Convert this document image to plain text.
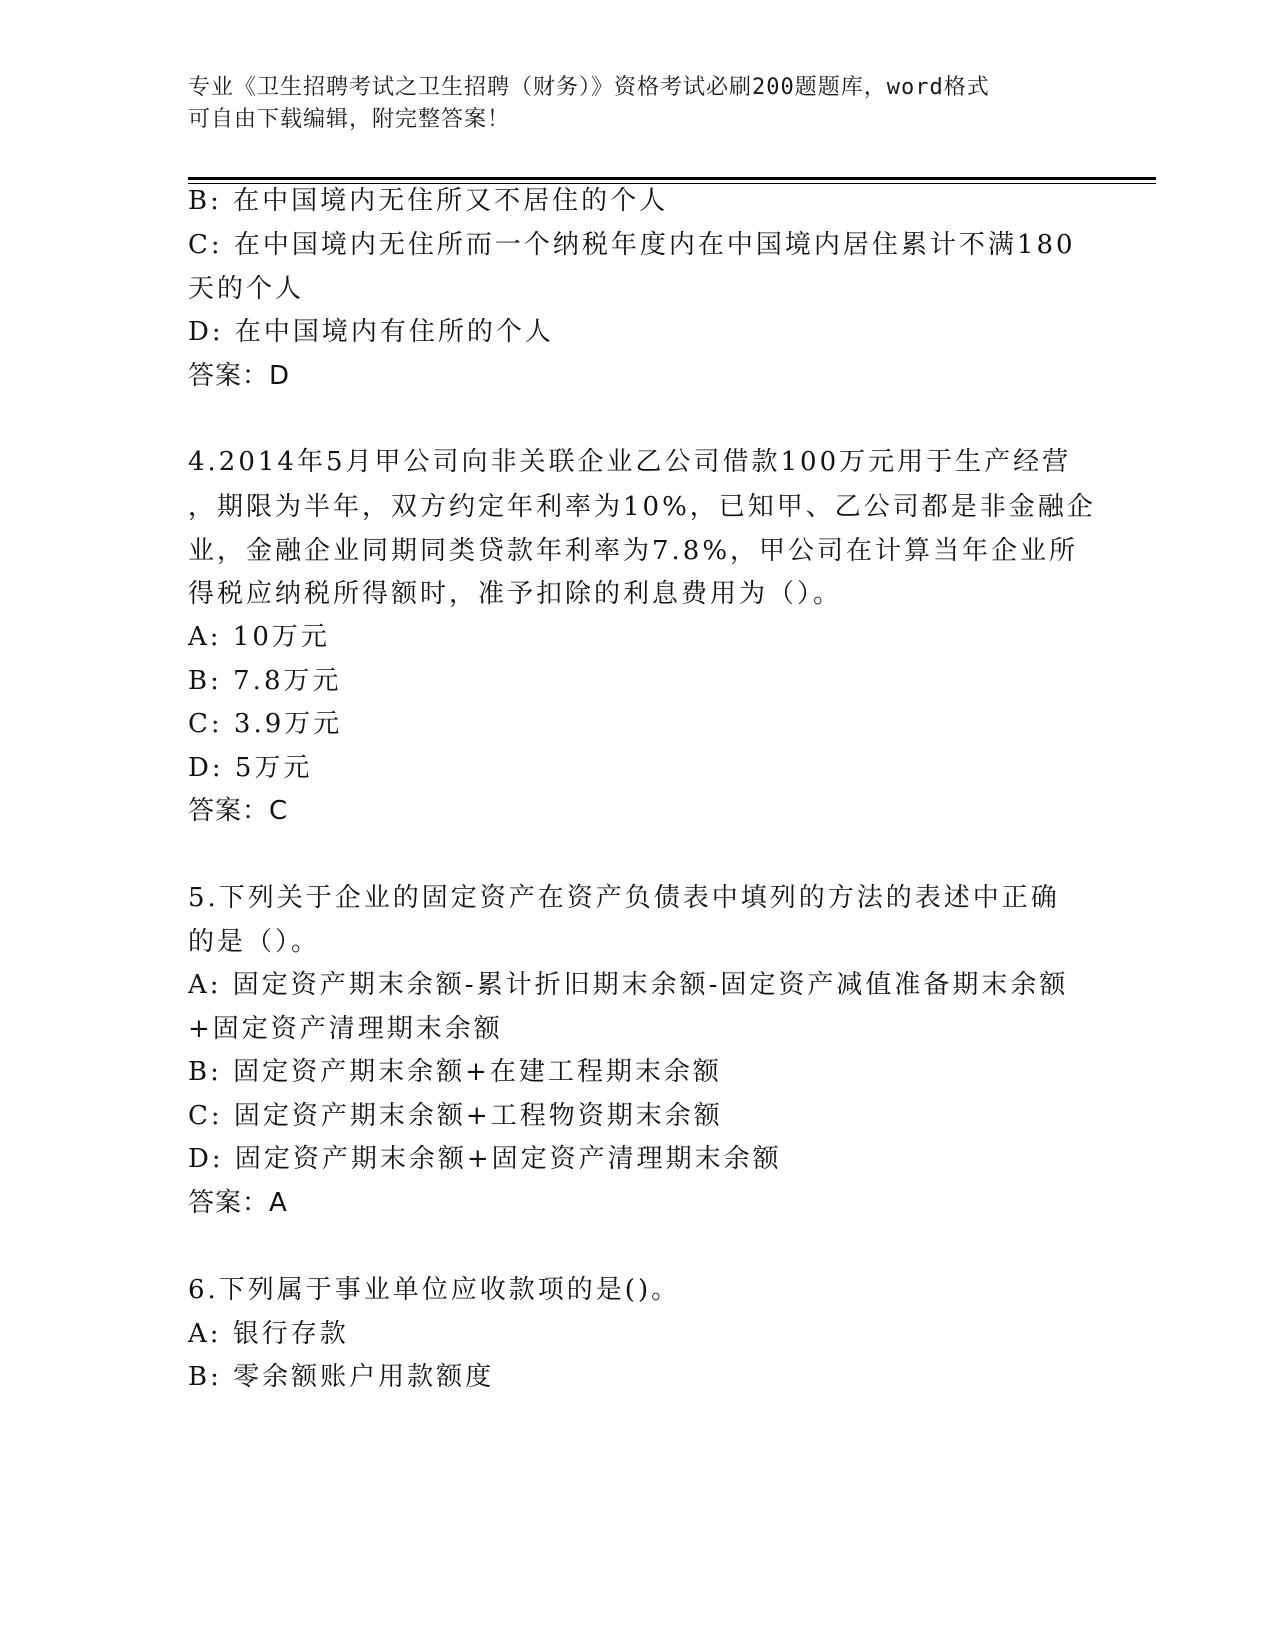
专业《卫生招聘考试之卫生招聘（财务）》资格考试必刷200题题库，word格式
可自由下载编辑，附完整答案！
B: 在中国境内无住所又不居住的个人
C: 在中国境内无住所而一个纳税年度内在中国境内居住累计不满180
天的个人
D: 在中国境内有住所的个人
答案：D
4.2014年5月甲公司向非关联企业乙公司借款100万元用于生产经营
，期限为半年，双方约定年利率为10%，已知甲、乙公司都是非金融企
业，金融企业同期同类贷款年利率为7.8%，甲公司在计算当年企业所
得税应纳税所得额时，准予扣除的利息费用为（）。
A: 10万元
B: 7.8万元
C: 3.9万元
D: 5万元
答案：C
5.下列关于企业的固定资产在资产负债表中填列的方法的表述中正确
的是（）。
A: 固定资产期末余额-累计折旧期末余额-固定资产减值准备期末余额
+固定资产清理期末余额
B: 固定资产期末余额+在建工程期末余额
C: 固定资产期末余额+工程物资期末余额
D: 固定资产期末余额+固定资产清理期末余额
答案：A
6.下列属于事业单位应收款项的是()。
A: 银行存款
B: 零余额账户用款额度
